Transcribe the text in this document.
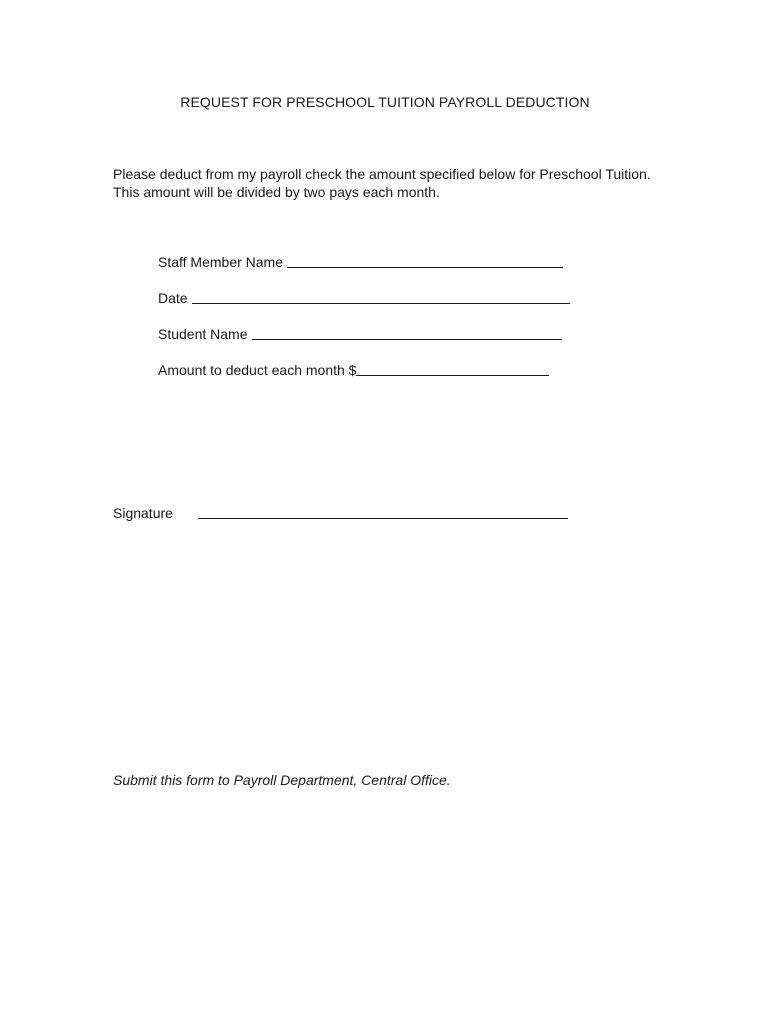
REQUEST FOR PRESCHOOL TUITION PAYROLL DEDUCTION
Please deduct from my payroll check the amount specified below for Preschool Tuition. This amount will be divided by two pays each month.
Staff Member Name
Date
Student Name
Amount to deduct each month $
Signature
Submit this form to Payroll Department, Central Office.
